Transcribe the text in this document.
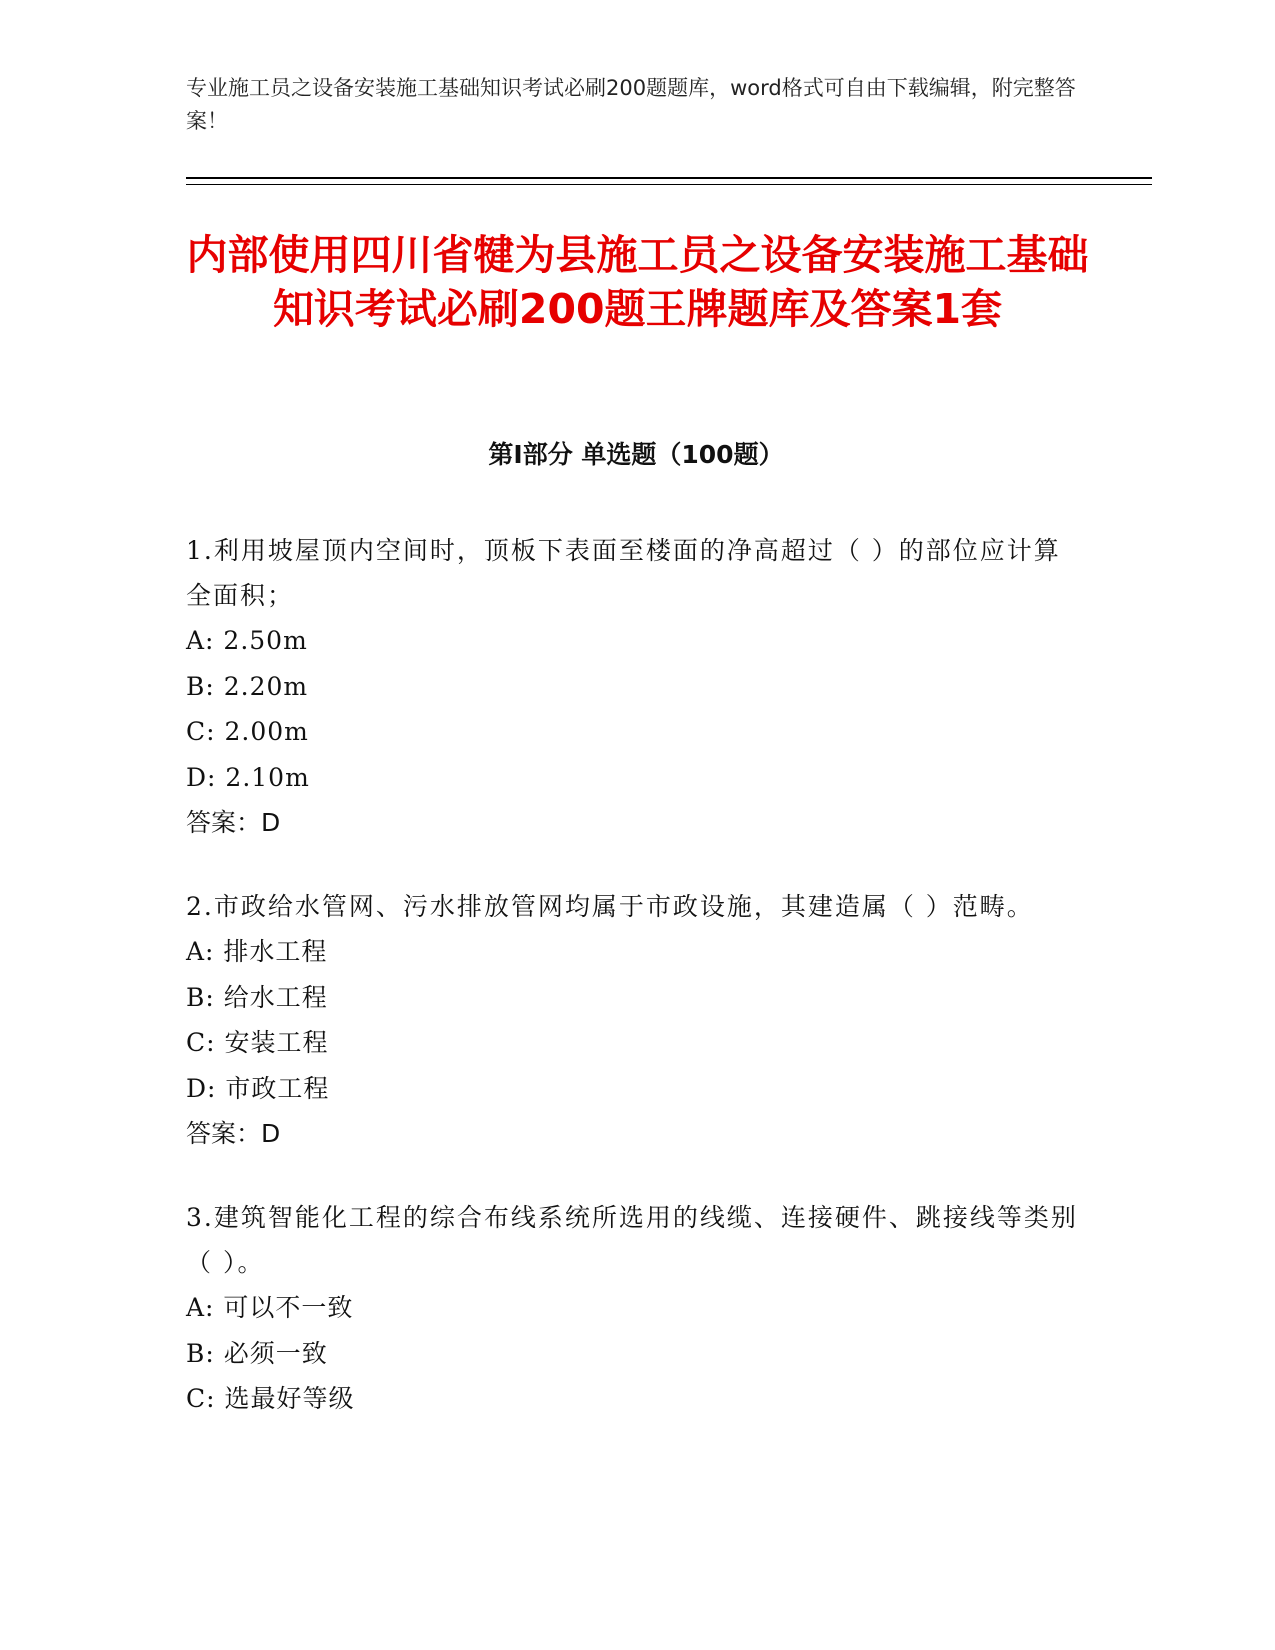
专业施工员之设备安装施工基础知识考试必刷200题题库，word格式可自由下载编辑，附完整答案！
内部使用四川省犍为县施工员之设备安装施工基础知识考试必刷200题王牌题库及答案1套
第Ⅰ部分 单选题（100题）

1.利用坡屋顶内空间时，顶板下表面至楼面的净高超过（ ）的部位应计算全面积；

A: 2.50m

B: 2.20m

C: 2.00m

D: 2.10m

答案：D

2.市政给水管网、污水排放管网均属于市政设施，其建造属（ ）范畴。

A: 排水工程

B: 给水工程

C: 安装工程

D: 市政工程

答案：D

3.建筑智能化工程的综合布线系统所选用的线缆、连接硬件、跳接线等类别（ ）。

A: 可以不一致

B: 必须一致

C: 选最好等级
